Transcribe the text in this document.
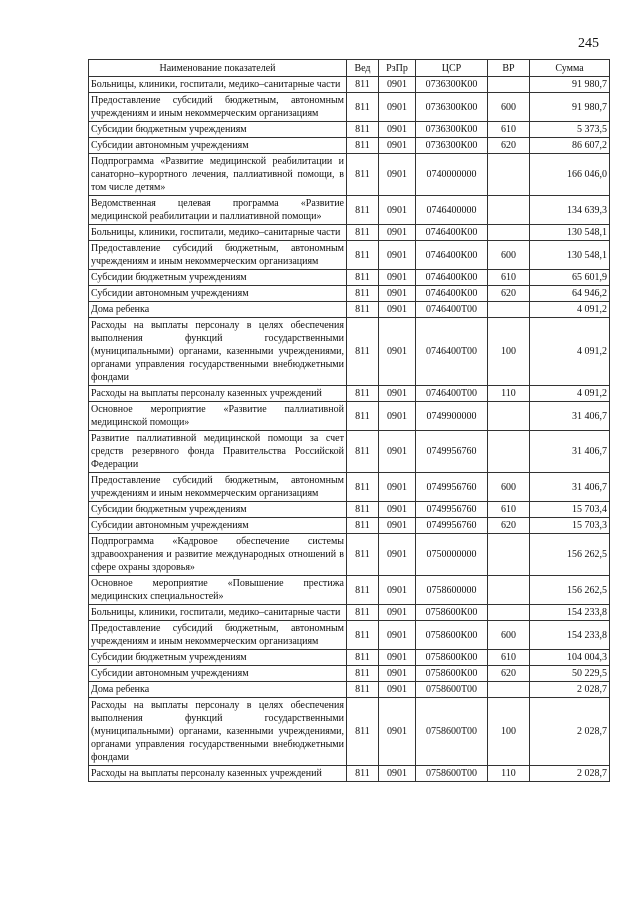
245
Наименование показателей	Вед	РзПр	ЦСР	ВР	Сумма
Больницы, клиники, госпитали, медико–санитарные части	811	0901	0736300К00		91 980,7
Предоставление субсидий бюджетным, автономным учреждениям и иным некоммерческим организациям	811	0901	0736300К00	600	91 980,7
Субсидии бюджетным учреждениям	811	0901	0736300К00	610	5 373,5
Субсидии автономным учреждениям	811	0901	0736300К00	620	86 607,2
Подпрограмма «Развитие медицинской реабилитации и санаторно–курортного лечения, паллиативной помощи, в том числе детям»	811	0901	0740000000		166 046,0
Ведомственная целевая программа «Развитие медицинской реабилитации и паллиативной помощи»	811	0901	0746400000		134 639,3
Больницы, клиники, госпитали, медико–санитарные части	811	0901	0746400К00		130 548,1
Предоставление субсидий бюджетным, автономным учреждениям и иным некоммерческим организациям	811	0901	0746400К00	600	130 548,1
Субсидии бюджетным учреждениям	811	0901	0746400К00	610	65 601,9
Субсидии автономным учреждениям	811	0901	0746400К00	620	64 946,2
Дома ребенка	811	0901	0746400Т00		4 091,2
Расходы на выплаты персоналу в целях обеспечения выполнения функций государственными (муниципальными) органами, казенными учреждениями, органами управления государственными внебюджетными фондами	811	0901	0746400Т00	100	4 091,2
Расходы на выплаты персоналу казенных учреждений	811	0901	0746400Т00	110	4 091,2
Основное мероприятие «Развитие паллиативной медицинской помощи»	811	0901	0749900000		31 406,7
Развитие паллиативной медицинской помощи за счет средств резервного фонда Правительства Российской Федерации	811	0901	0749956760		31 406,7
Предоставление субсидий бюджетным, автономным учреждениям и иным некоммерческим организациям	811	0901	0749956760	600	31 406,7
Субсидии бюджетным учреждениям	811	0901	0749956760	610	15 703,4
Субсидии автономным учреждениям	811	0901	0749956760	620	15 703,3
Подпрограмма «Кадровое обеспечение системы здравоохранения и развитие международных отношений в сфере охраны здоровья»	811	0901	0750000000		156 262,5
Основное мероприятие «Повышение престижа медицинских специальностей»	811	0901	0758600000		156 262,5
Больницы, клиники, госпитали, медико–санитарные части	811	0901	0758600К00		154 233,8
Предоставление субсидий бюджетным, автономным учреждениям и иным некоммерческим организациям	811	0901	0758600К00	600	154 233,8
Субсидии бюджетным учреждениям	811	0901	0758600К00	610	104 004,3
Субсидии автономным учреждениям	811	0901	0758600К00	620	50 229,5
Дома ребенка	811	0901	0758600Т00		2 028,7
Расходы на выплаты персоналу в целях обеспечения выполнения функций государственными (муниципальными) органами, казенными учреждениями, органами управления государственными внебюджетными фондами	811	0901	0758600Т00	100	2 028,7
Расходы на выплаты персоналу казенных учреждений	811	0901	0758600Т00	110	2 028,7
